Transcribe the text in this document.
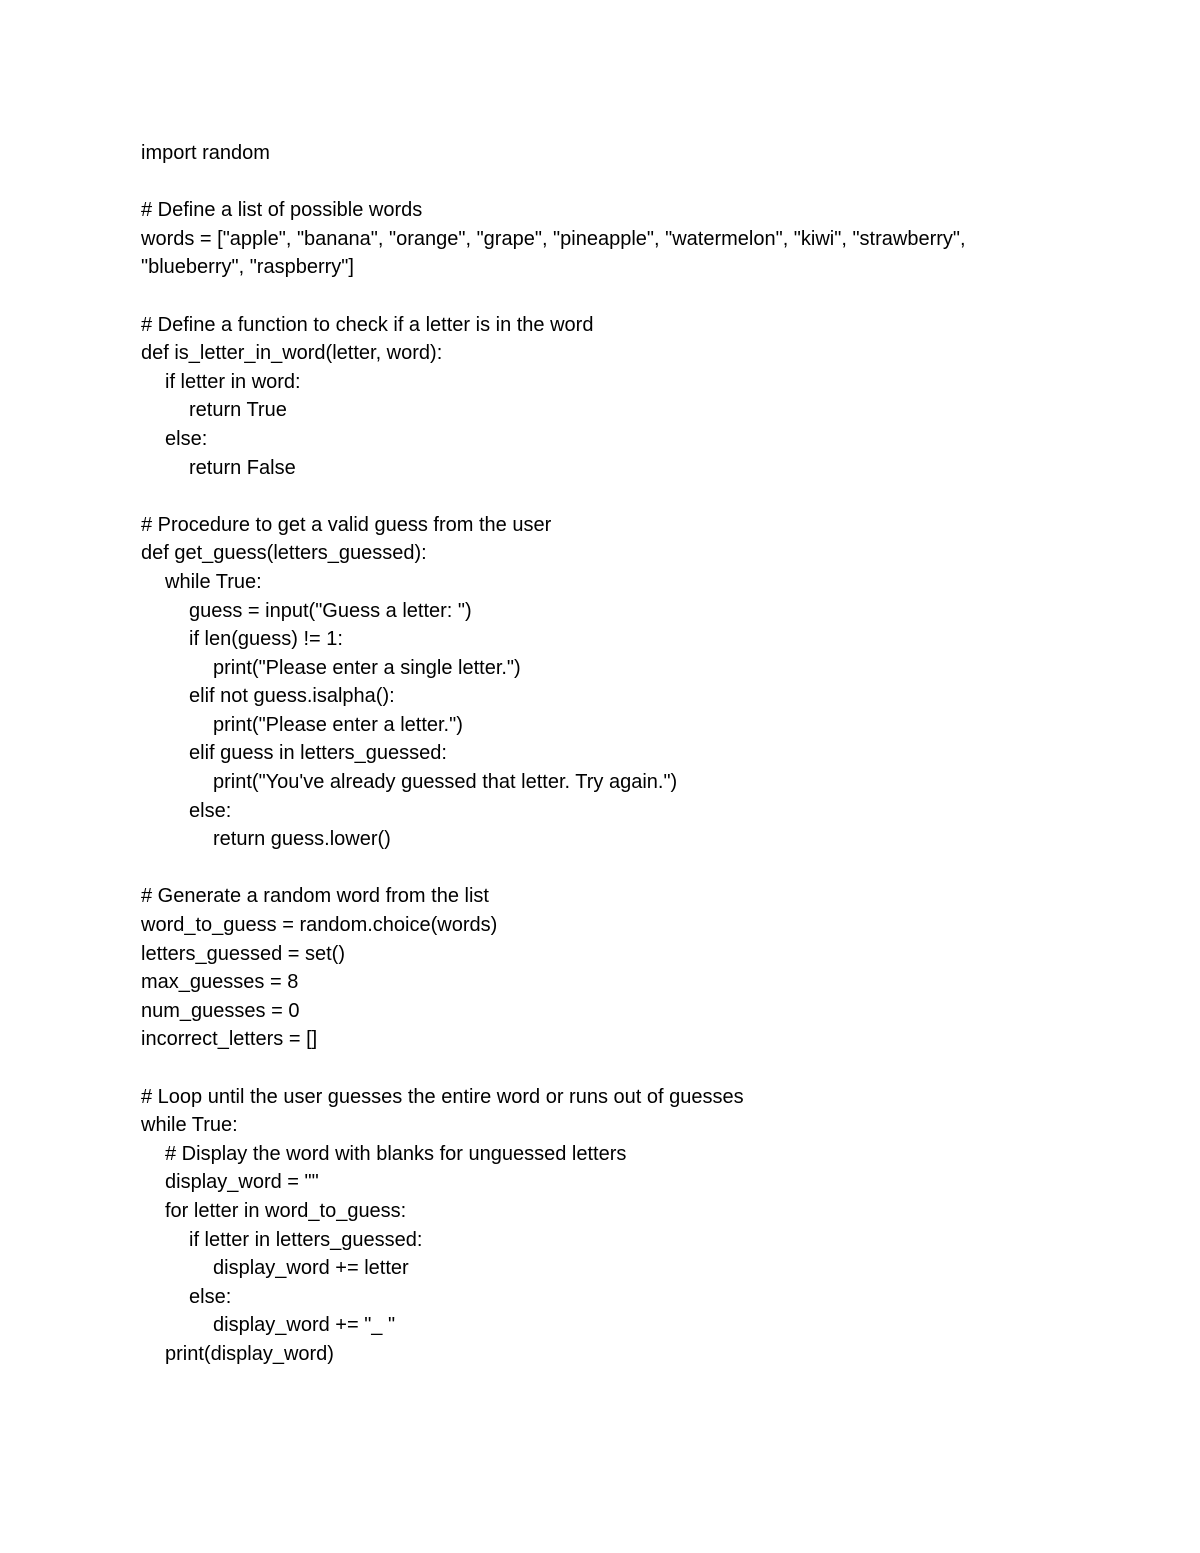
import random
# Define a list of possible words
words = ["apple", "banana", "orange", "grape", "pineapple", "watermelon", "kiwi", "strawberry",
"blueberry", "raspberry"]
# Define a function to check if a letter is in the word
def is_letter_in_word(letter, word):
if letter in word:
return True
else:
return False
# Procedure to get a valid guess from the user
def get_guess(letters_guessed):
while True:
guess = input("Guess a letter: ")
if len(guess) != 1:
print("Please enter a single letter.")
elif not guess.isalpha():
print("Please enter a letter.")
elif guess in letters_guessed:
print("You've already guessed that letter. Try again.")
else:
return guess.lower()
# Generate a random word from the list
word_to_guess = random.choice(words)
letters_guessed = set()
max_guesses = 8
num_guesses = 0
incorrect_letters = []
# Loop until the user guesses the entire word or runs out of guesses
while True:
# Display the word with blanks for unguessed letters
display_word = ""
for letter in word_to_guess:
if letter in letters_guessed:
display_word += letter
else:
display_word += "_ "
print(display_word)
